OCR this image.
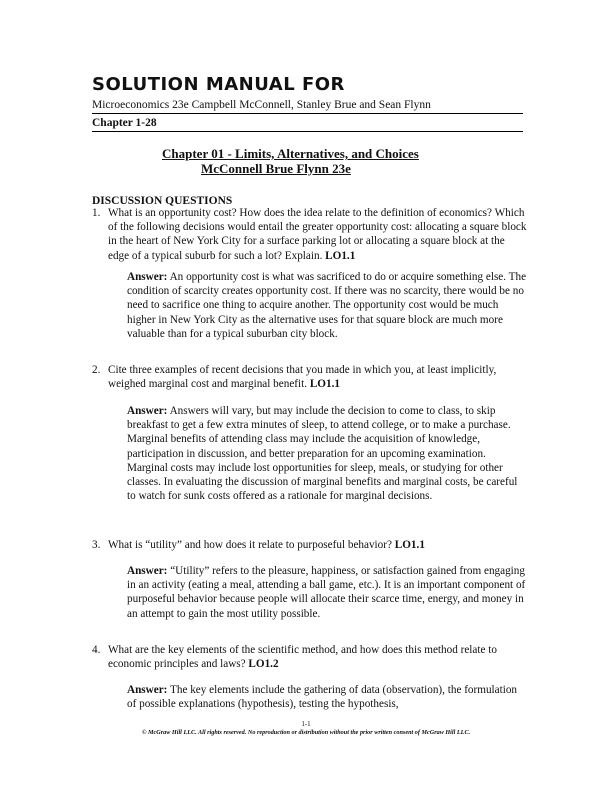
SOLUTION MANUAL FOR
Microeconomics 23e Campbell McConnell, Stanley Brue and Sean Flynn
Chapter 1-28
Chapter 01 - Limits, Alternatives, and Choices
McConnell Brue Flynn 23e
DISCUSSION QUESTIONS
1. What is an opportunity cost? How does the idea relate to the definition of economics? Which of the following decisions would entail the greater opportunity cost: allocating a square block in the heart of New York City for a surface parking lot or allocating a square block at the edge of a typical suburb for such a lot? Explain. LO1.1
Answer: An opportunity cost is what was sacrificed to do or acquire something else. The condition of scarcity creates opportunity cost. If there was no scarcity, there would be no need to sacrifice one thing to acquire another. The opportunity cost would be much higher in New York City as the alternative uses for that square block are much more valuable than for a typical suburban city block.
2. Cite three examples of recent decisions that you made in which you, at least implicitly, weighed marginal cost and marginal benefit. LO1.1
Answer: Answers will vary, but may include the decision to come to class, to skip breakfast to get a few extra minutes of sleep, to attend college, or to make a purchase. Marginal benefits of attending class may include the acquisition of knowledge, participation in discussion, and better preparation for an upcoming examination. Marginal costs may include lost opportunities for sleep, meals, or studying for other classes. In evaluating the discussion of marginal benefits and marginal costs, be careful to watch for sunk costs offered as a rationale for marginal decisions.
3. What is “utility” and how does it relate to purposeful behavior? LO1.1
Answer: “Utility” refers to the pleasure, happiness, or satisfaction gained from engaging in an activity (eating a meal, attending a ball game, etc.). It is an important component of purposeful behavior because people will allocate their scarce time, energy, and money in an attempt to gain the most utility possible.
4. What are the key elements of the scientific method, and how does this method relate to economic principles and laws? LO1.2
Answer: The key elements include the gathering of data (observation), the formulation of possible explanations (hypothesis), testing the hypothesis,
1-1
© McGraw Hill LLC. All rights reserved. No reproduction or distribution without the prior written consent of McGraw Hill LLC.
